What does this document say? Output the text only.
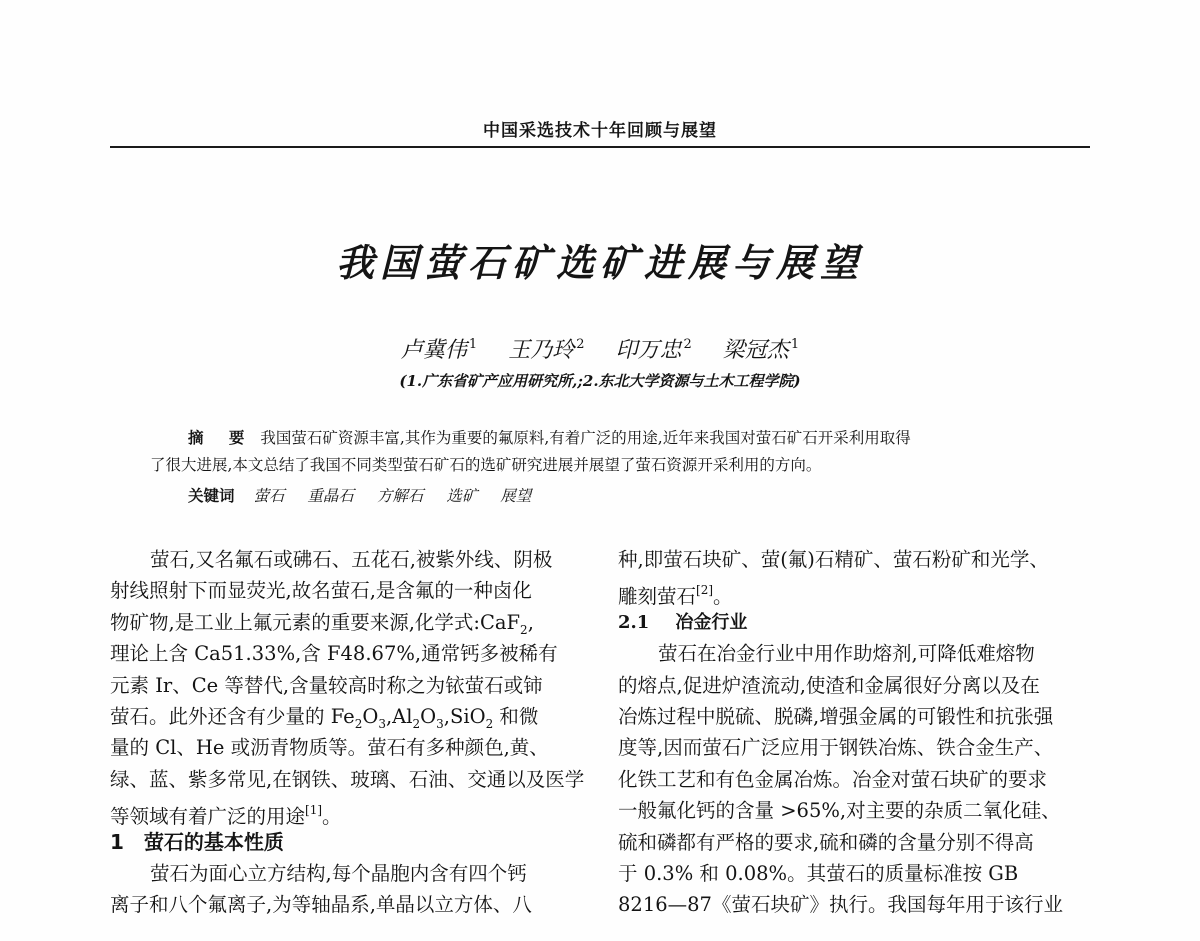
中国采选技术十年回顾与展望
我国萤石矿选矿进展与展望
卢冀伟 $^1$ 王乃玲 $^2$ 印万忠 $^2$ 梁冠杰 $^1$
(1.广东省矿产应用研究所,;2.东北大学资源与土木工程学院)
摘 要 我国萤石矿资源丰富,其作为重要的氟原料,有着广泛的用途,近年来我国对萤石矿石开采利用取得
了很大进展,本文总结了我国不同类型萤石矿石的选矿研究进展并展望了萤石资源开采利用的方向。
关键词 萤石 重晶石 方解石 选矿 展望
萤石,又名氟石或砩石、五花石,被紫外线、阴极
射线照射下而显荧光,故名萤石,是含氟的一种卤化
物矿物,是工业上氟元素的重要来源,化学式:CaF$_2$,
理论上含 Ca51.33%,含 F48.67%,通常钙多被稀有
元素 Ir、Ce 等替代,含量较高时称之为铱萤石或铈
萤石。此外还含有少量的 $Fe_2O_3,Al_2O_3,SiO_2$ 和微
量的 Cl、He 或沥青物质等。萤石有多种颜色,黄、
绿、蓝、紫多常见,在钢铁、玻璃、石油、交通以及医学
等领域有着广泛的用途[1]。
1 萤石的基本性质
萤石为面心立方结构,每个晶胞内含有四个钙
离子和八个氟离子,为等轴晶系,单晶以立方体、八
种,即萤石块矿、萤(氟)石精矿、萤石粉矿和光学、
雕刻萤石[2]。
2.1 冶金行业
萤石在冶金行业中用作助熔剂,可降低难熔物
的熔点,促进炉渣流动,使渣和金属很好分离以及在
冶炼过程中脱硫、脱磷,增强金属的可锻性和抗张强
度等,因而萤石广泛应用于钢铁冶炼、铁合金生产、
化铁工艺和有色金属冶炼。冶金对萤石块矿的要求
一般氟化钙的含量 >65%,对主要的杂质二氧化硅、
硫和磷都有严格的要求,硫和磷的含量分别不得高
于 0.3% 和 0.08%。其萤石的质量标准按 GB
8216—87《萤石块矿》执行。我国每年用于该行业
